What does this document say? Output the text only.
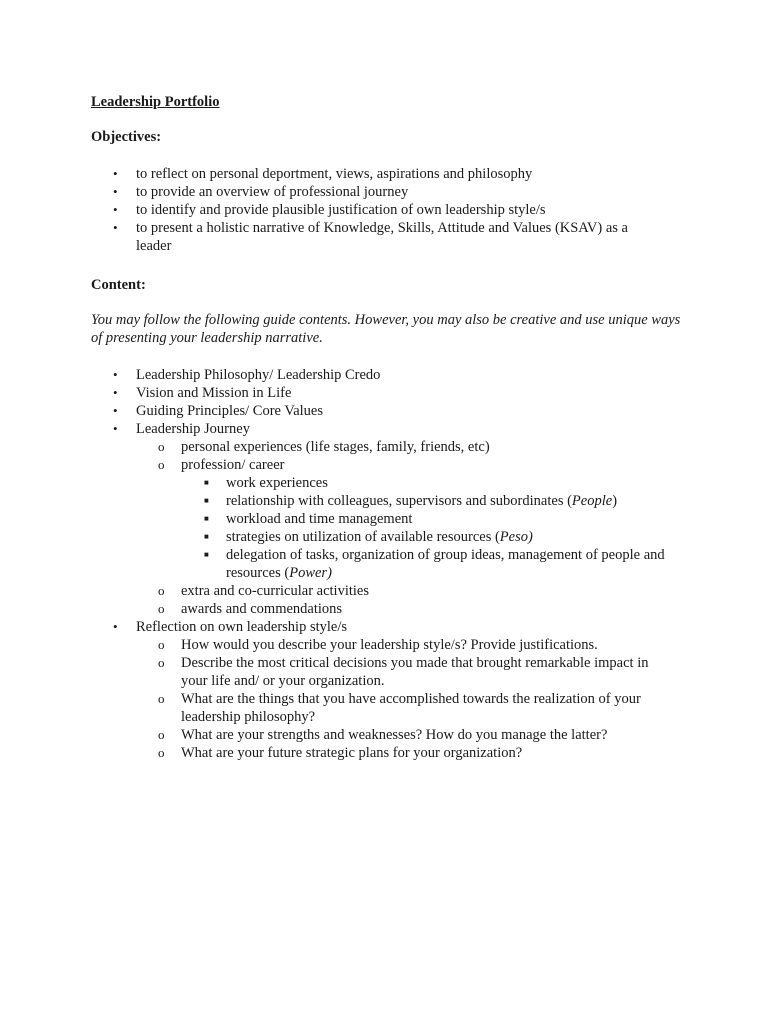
Leadership Portfolio
Objectives:
•	to reflect on personal deportment, views, aspirations and philosophy
•	to provide an overview of professional journey
•	to identify and provide plausible justification of own leadership style/s
•	to present a holistic narrative of Knowledge, Skills, Attitude and Values (KSAV) as a leader
Content:
You may follow the following guide contents. However, you may also be creative and use unique ways of presenting your leadership narrative.
•	Leadership Philosophy/ Leadership Credo
•	Vision and Mission in Life
•	Guiding Principles/ Core Values
•	Leadership Journey
o	personal experiences (life stages, family, friends, etc)
o	profession/ career
■	work experiences
■	relationship with colleagues, supervisors and subordinates (People)
■	workload and time management
■	strategies on utilization of available resources (Peso)
■	delegation of tasks, organization of group ideas, management of people and resources (Power)
o	extra and co-curricular activities
o	awards and commendations
•	Reflection on own leadership style/s
o	How would you describe your leadership style/s? Provide justifications.
o	Describe the most critical decisions you made that brought remarkable impact in your life and/ or your organization.
o	What are the things that you have accomplished towards the realization of your leadership philosophy?
o	What are your strengths and weaknesses? How do you manage the latter?
o	What are your future strategic plans for your organization?
